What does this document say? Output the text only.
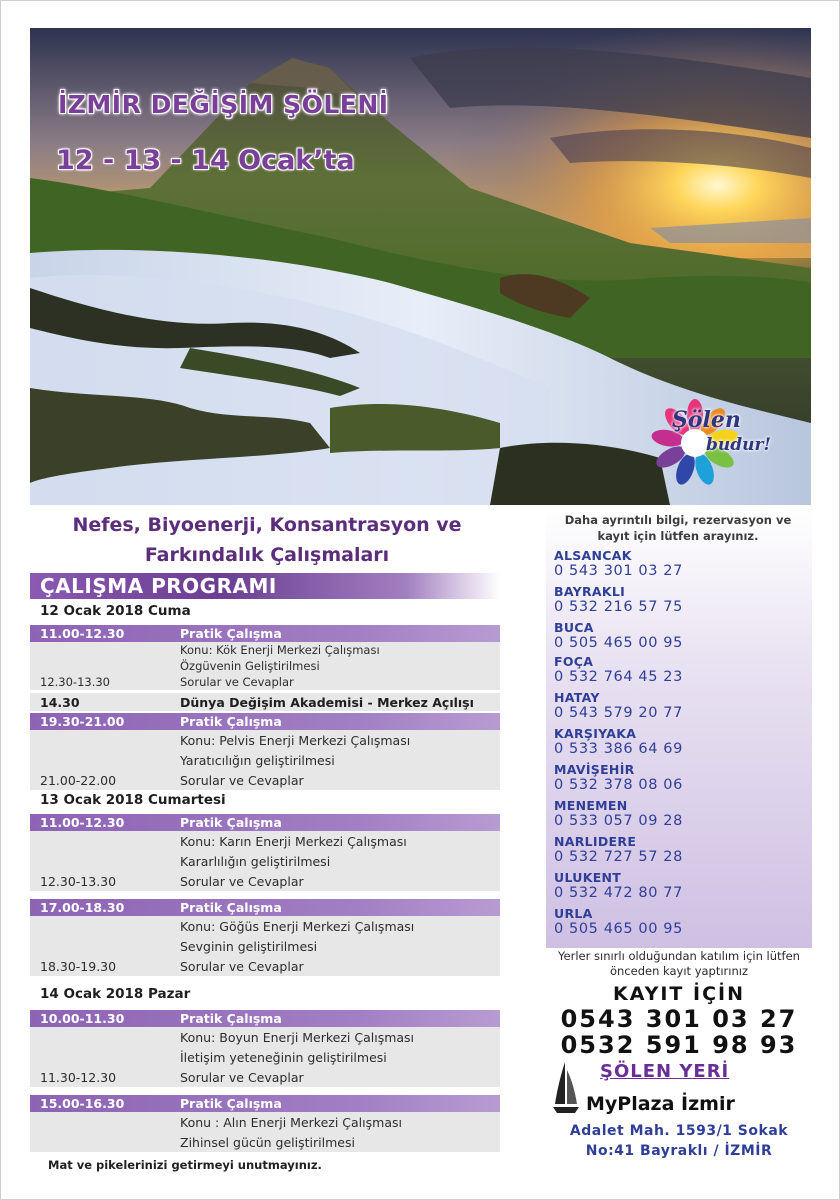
İZMİR DEĞİŞİM ŞÖLENİ
12 - 13 - 14 Ocak’ta
Şölen
budur!
Nefes, Biyoenerji, Konsantrasyon ve
Farkındalık Çalışmaları
ÇALIŞMA PROGRAMI
12 Ocak 2018 Cuma
11.00-12.30	Pratik Çalışma
Konu: Kök Enerji Merkezi Çalışması
Özgüvenin Geliştirilmesi
12.30-13.30	Sorular ve Cevaplar
14.30	Dünya Değişim Akademisi - Merkez Açılışı
19.30-21.00	Pratik Çalışma
Konu: Pelvis Enerji Merkezi Çalışması
Yaratıcılığın geliştirilmesi
21.00-22.00	Sorular ve Cevaplar
13 Ocak 2018 Cumartesi
11.00-12.30	Pratik Çalışma
Konu: Karın Enerji Merkezi Çalışması
Kararlılığın geliştirilmesi
12.30-13.30	Sorular ve Cevaplar
17.00-18.30	Pratik Çalışma
Konu: Göğüs Enerji Merkezi Çalışması
Sevginin geliştirilmesi
18.30-19.30	Sorular ve Cevaplar
14 Ocak 2018 Pazar
10.00-11.30	Pratik Çalışma
Konu: Boyun Enerji Merkezi Çalışması
İletişim yeteneğinin geliştirilmesi
11.30-12.30	Sorular ve Cevaplar
15.00-16.30	Pratik Çalışma
Konu : Alın Enerji Merkezi Çalışması
Zihinsel gücün geliştirilmesi
Mat ve pikelerinizi getirmeyi unutmayınız.
Daha ayrıntılı bilgi, rezervasyon ve
kayıt için lütfen arayınız.
ALSANCAK
0 543 301 03 27
BAYRAKLI
0 532 216 57 75
BUCA
0 505 465 00 95
FOÇA
0 532 764 45 23
HATAY
0 543 579 20 77
KARŞIYAKA
0 533 386 64 69
MAVİŞEHİR
0 532 378 08 06
MENEMEN
0 533 057 09 28
NARLIDERE
0 532 727 57 28
ULUKENT
0 532 472 80 77
URLA
0 505 465 00 95
Yerler sınırlı olduğundan katılım için lütfen
önceden kayıt yaptırınız
KAYIT İÇİN
0543 301 03 27
0532 591 98 93
ŞÖLEN YERİ
MyPlaza İzmir
Adalet Mah. 1593/1 Sokak
No:41 Bayraklı / İZMİR
